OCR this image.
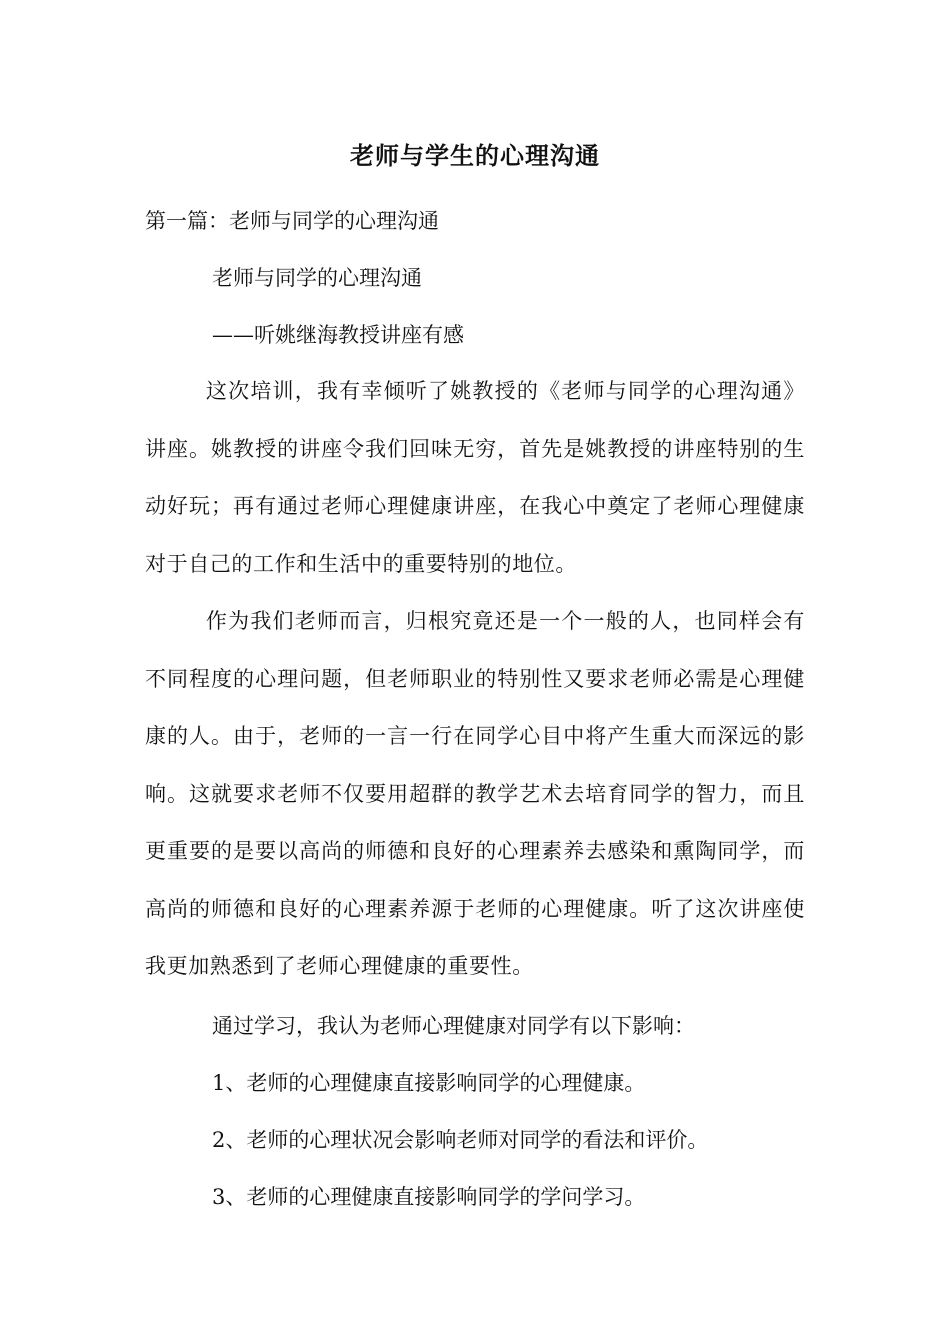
老师与学生的心理沟通
第一篇：老师与同学的心理沟通
老师与同学的心理沟通
——听姚继海教授讲座有感
这次培训，我有幸倾听了姚教授的《老师与同学的心理沟通》讲座。姚教授的讲座令我们回味无穷，首先是姚教授的讲座特别的生动好玩；再有通过老师心理健康讲座，在我心中奠定了老师心理健康对于自己的工作和生活中的重要特别的地位。
作为我们老师而言，归根究竟还是一个一般的人，也同样会有不同程度的心理问题，但老师职业的特别性又要求老师必需是心理健康的人。由于，老师的一言一行在同学心目中将产生重大而深远的影响。这就要求老师不仅要用超群的教学艺术去培育同学的智力，而且更重要的是要以高尚的师德和良好的心理素养去感染和熏陶同学，而高尚的师德和良好的心理素养源于老师的心理健康。听了这次讲座使我更加熟悉到了老师心理健康的重要性。
通过学习，我认为老师心理健康对同学有以下影响：
1、老师的心理健康直接影响同学的心理健康。
2、老师的心理状况会影响老师对同学的看法和评价。
3、老师的心理健康直接影响同学的学问学习。
